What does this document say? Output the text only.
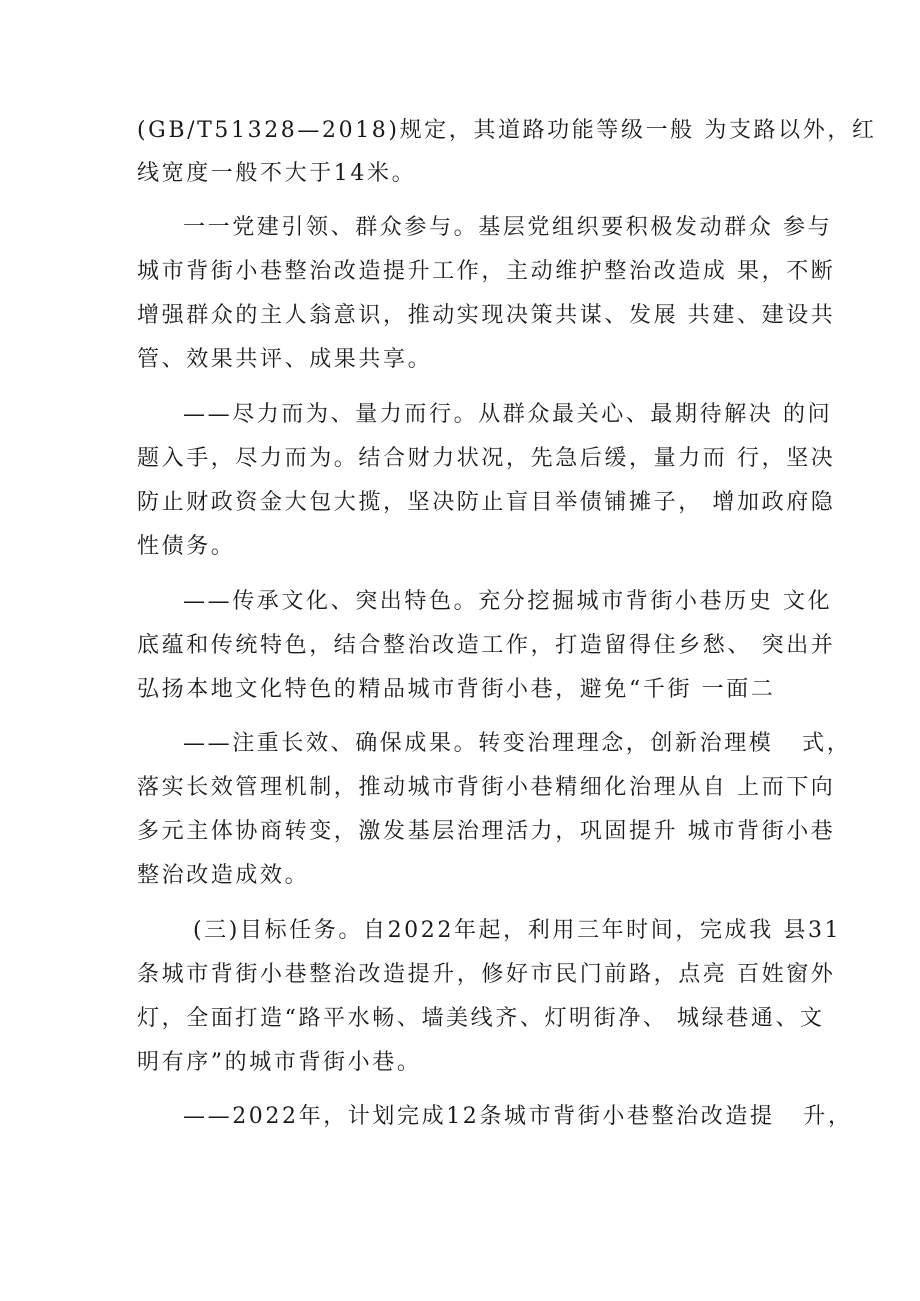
(GB/T51328—2018)规定，其道路功能等级一般 为支路以外，红
线宽度一般不大于14米。
一一党建引领、群众参与。基层党组织要积极发动群众 参与
城市背街小巷整治改造提升工作，主动维护整治改造成 果，不断
增强群众的主人翁意识，推动实现决策共谋、发展 共建、建设共
管、效果共评、成果共享。
——尽力而为、量力而行。从群众最关心、最期待解决 的问
题入手，尽力而为。结合财力状况，先急后缓，量力而 行，坚决
防止财政资金大包大揽，坚决防止盲目举债铺摊子， 增加政府隐
性债务。
——传承文化、突出特色。充分挖掘城市背街小巷历史 文化
底蕴和传统特色，结合整治改造工作，打造留得住乡愁、 突出并
弘扬本地文化特色的精品城市背街小巷，避免“千街 一面二
——注重长效、确保成果。转变治理理念，创新治理模   式，
落实长效管理机制，推动城市背街小巷精细化治理从自 上而下向
多元主体协商转变，激发基层治理活力，巩固提升 城市背街小巷
整治改造成效。
(三)目标任务。自2022年起，利用三年时间，完成我 县31
条城市背街小巷整治改造提升，修好市民门前路，点亮 百姓窗外
灯，全面打造“路平水畅、墙美线齐、灯明街净、 城绿巷通、文
明有序”的城市背街小巷。
——2022年，计划完成12条城市背街小巷整治改造提   升，
